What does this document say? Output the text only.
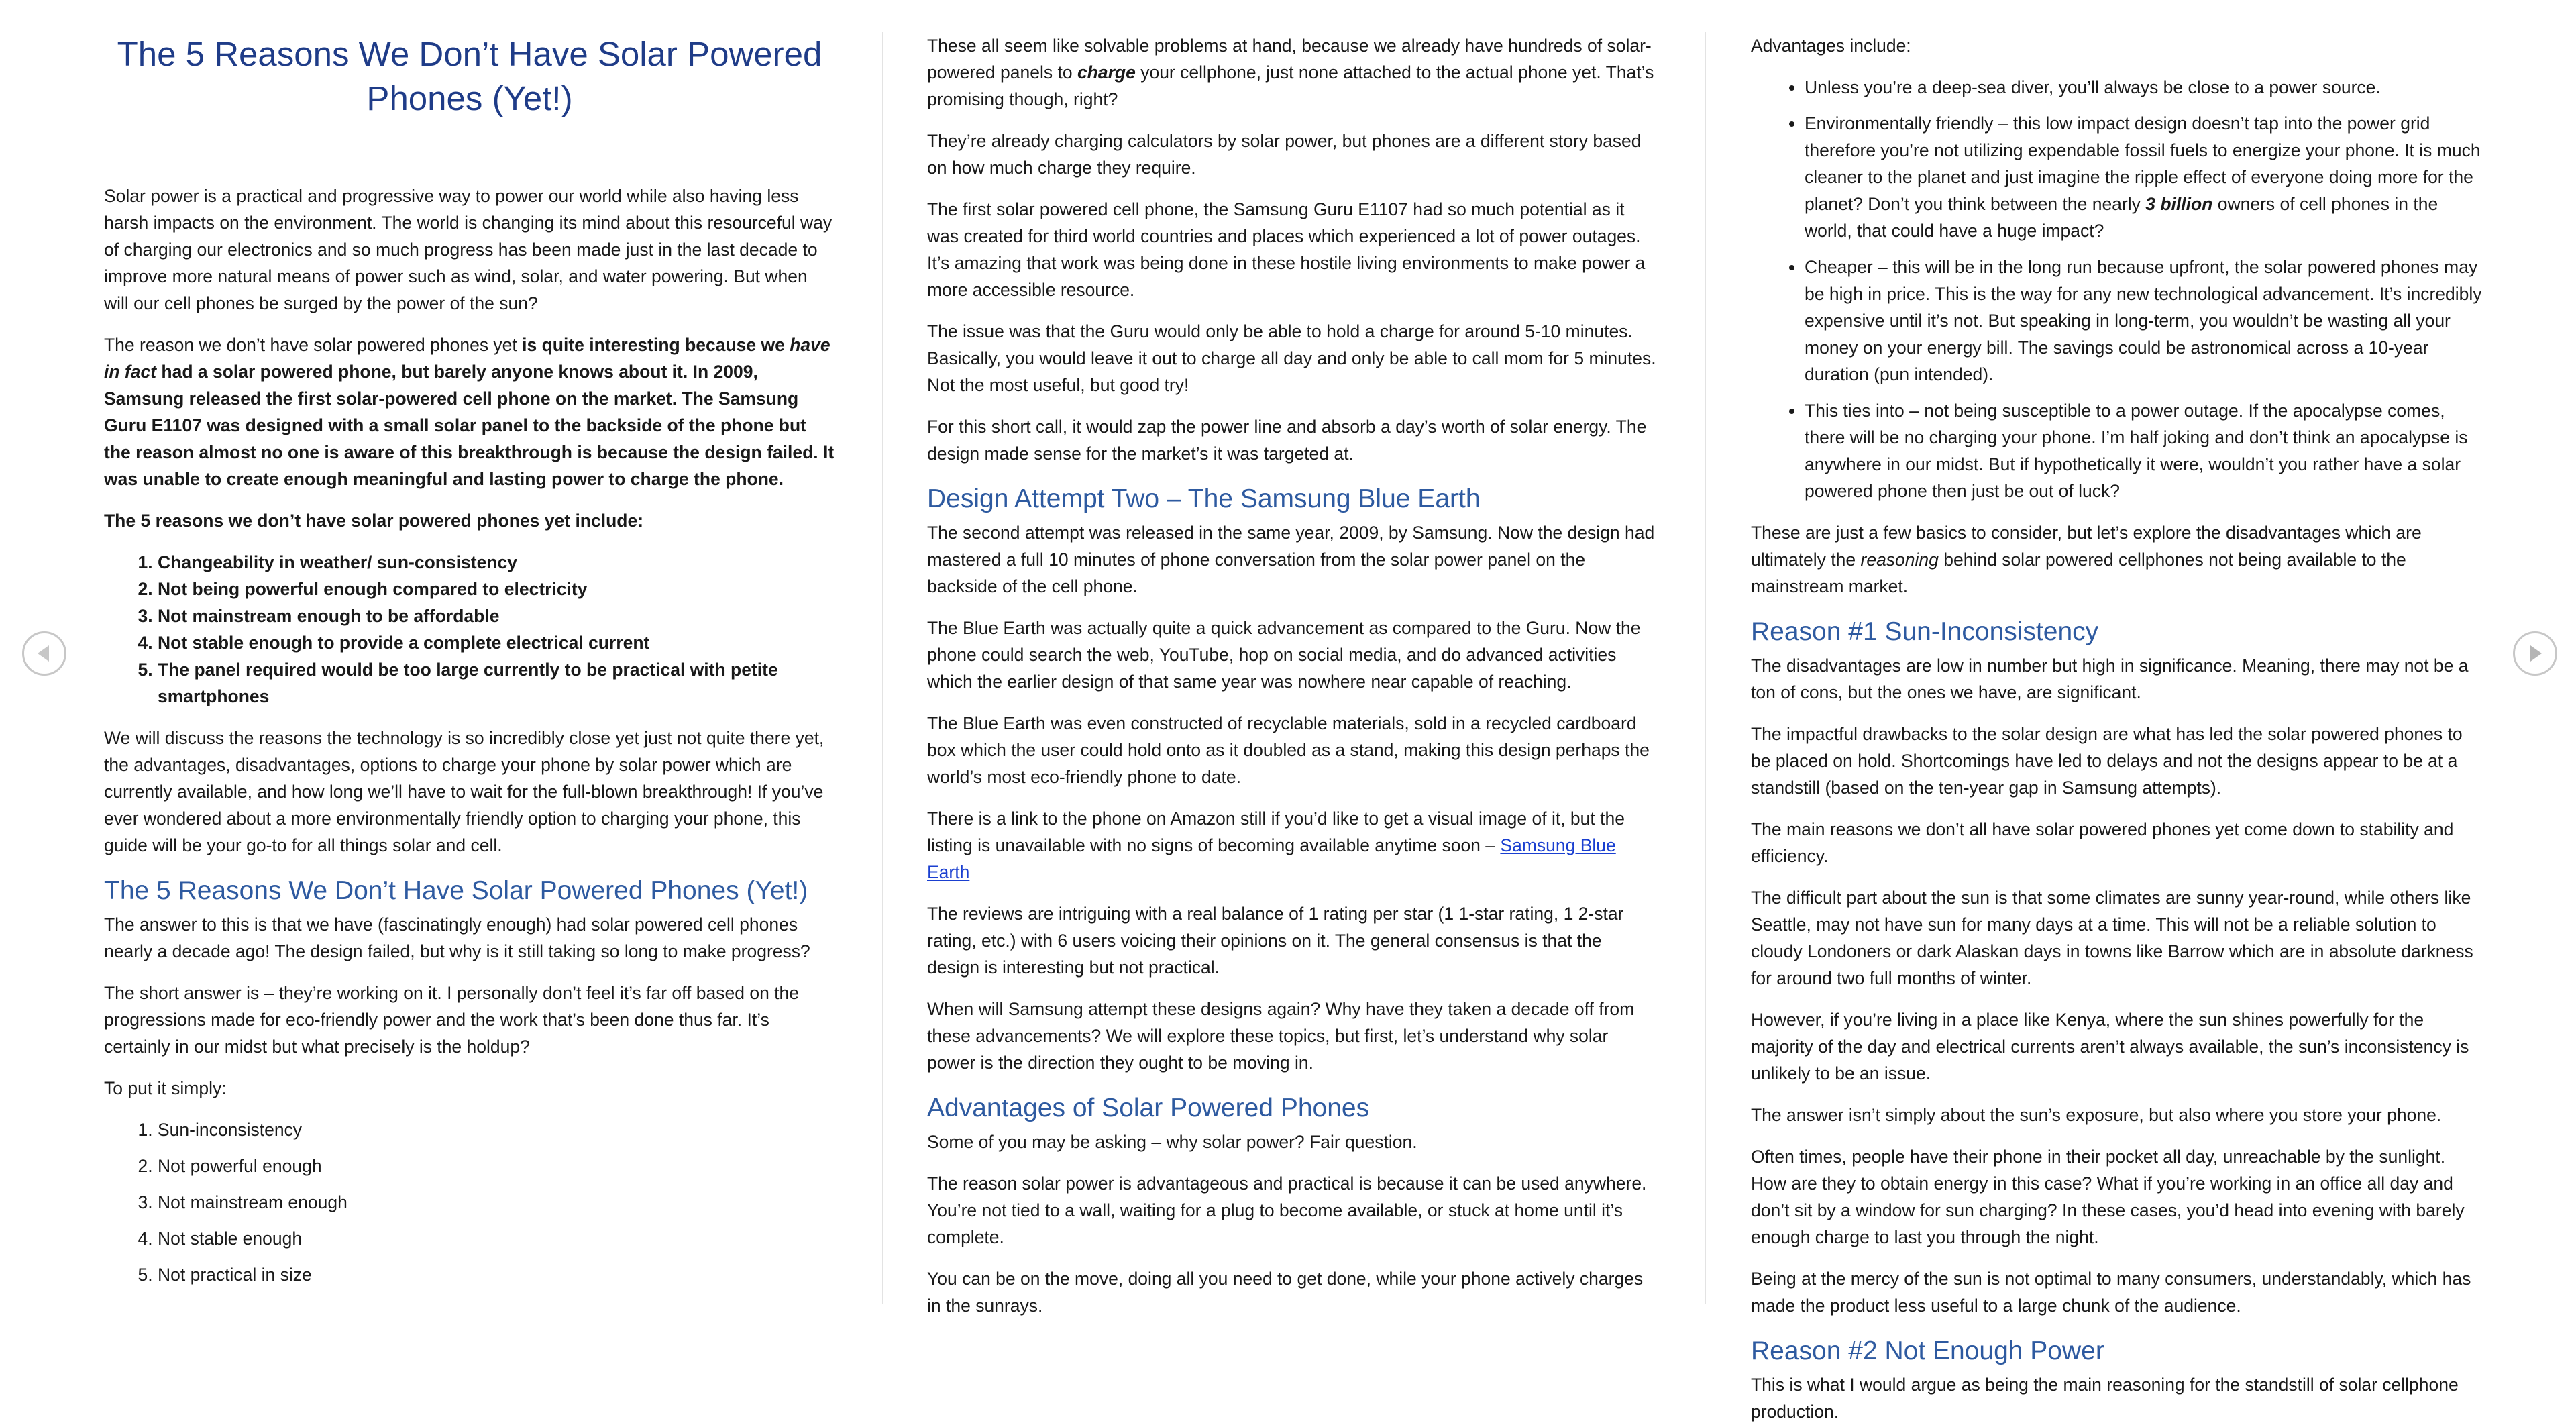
The 5 Reasons We Don’t Have Solar Powered Phones (Yet!)

Solar power is a practical and progressive way to power our world while also having less harsh impacts on the environment. The world is changing its mind about this resourceful way of charging our electronics and so much progress has been made just in the last decade to improve more natural means of power such as wind, solar, and water powering. But when will our cell phones be surged by the power of the sun?

The reason we don’t have solar powered phones yet is quite interesting because we have in fact had a solar powered phone, but barely anyone knows about it. In 2009, Samsung released the first solar-powered cell phone on the market. The Samsung Guru E1107 was designed with a small solar panel to the backside of the phone but the reason almost no one is aware of this breakthrough is because the design failed. It was unable to create enough meaningful and lasting power to charge the phone.

The 5 reasons we don’t have solar powered phones yet include:

1. Changeability in weather/ sun-consistency
2. Not being powerful enough compared to electricity
3. Not mainstream enough to be affordable
4. Not stable enough to provide a complete electrical current
5. The panel required would be too large currently to be practical with petite smartphones

We will discuss the reasons the technology is so incredibly close yet just not quite there yet, the advantages, disadvantages, options to charge your phone by solar power which are currently available, and how long we’ll have to wait for the full-blown breakthrough! If you’ve ever wondered about a more environmentally friendly option to charging your phone, this guide will be your go-to for all things solar and cell.

The 5 Reasons We Don’t Have Solar Powered Phones (Yet!)

The answer to this is that we have (fascinatingly enough) had solar powered cell phones nearly a decade ago! The design failed, but why is it still taking so long to make progress?

The short answer is – they’re working on it. I personally don’t feel it’s far off based on the progressions made for eco-friendly power and the work that’s been done thus far. It’s certainly in our midst but what precisely is the holdup?

To put it simply:

1. Sun-inconsistency
2. Not powerful enough
3. Not mainstream enough
4. Not stable enough
5. Not practical in size

These all seem like solvable problems at hand, because we already have hundreds of solar-powered panels to charge your cellphone, just none attached to the actual phone yet. That’s promising though, right?

They’re already charging calculators by solar power, but phones are a different story based on how much charge they require.

The first solar powered cell phone, the Samsung Guru E1107 had so much potential as it was created for third world countries and places which experienced a lot of power outages. It’s amazing that work was being done in these hostile living environments to make power a more accessible resource.

The issue was that the Guru would only be able to hold a charge for around 5-10 minutes. Basically, you would leave it out to charge all day and only be able to call mom for 5 minutes. Not the most useful, but good try!

For this short call, it would zap the power line and absorb a day’s worth of solar energy. The design made sense for the market’s it was targeted at.

Design Attempt Two – The Samsung Blue Earth

The second attempt was released in the same year, 2009, by Samsung. Now the design had mastered a full 10 minutes of phone conversation from the solar power panel on the backside of the cell phone.

The Blue Earth was actually quite a quick advancement as compared to the Guru. Now the phone could search the web, YouTube, hop on social media, and do advanced activities which the earlier design of that same year was nowhere near capable of reaching.

The Blue Earth was even constructed of recyclable materials, sold in a recycled cardboard box which the user could hold onto as it doubled as a stand, making this design perhaps the world’s most eco-friendly phone to date.

There is a link to the phone on Amazon still if you’d like to get a visual image of it, but the listing is unavailable with no signs of becoming available anytime soon – Samsung Blue Earth

The reviews are intriguing with a real balance of 1 rating per star (1 1-star rating, 1 2-star rating, etc.) with 6 users voicing their opinions on it. The general consensus is that the design is interesting but not practical.

When will Samsung attempt these designs again? Why have they taken a decade off from these advancements? We will explore these topics, but first, let’s understand why solar power is the direction they ought to be moving in.

Advantages of Solar Powered Phones

Some of you may be asking – why solar power? Fair question.

The reason solar power is advantageous and practical is because it can be used anywhere. You’re not tied to a wall, waiting for a plug to become available, or stuck at home until it’s complete.

You can be on the move, doing all you need to get done, while your phone actively charges in the sunrays.

Advantages include:

• Unless you’re a deep-sea diver, you’ll always be close to a power source.
• Environmentally friendly – this low impact design doesn’t tap into the power grid therefore you’re not utilizing expendable fossil fuels to energize your phone. It is much cleaner to the planet and just imagine the ripple effect of everyone doing more for the planet? Don’t you think between the nearly 3 billion owners of cell phones in the world, that could have a huge impact?
• Cheaper – this will be in the long run because upfront, the solar powered phones may be high in price. This is the way for any new technological advancement. It’s incredibly expensive until it’s not. But speaking in long-term, you wouldn’t be wasting all your money on your energy bill. The savings could be astronomical across a 10-year duration (pun intended).
• This ties into – not being susceptible to a power outage. If the apocalypse comes, there will be no charging your phone. I’m half joking and don’t think an apocalypse is anywhere in our midst. But if hypothetically it were, wouldn’t you rather have a solar powered phone then just be out of luck?

These are just a few basics to consider, but let’s explore the disadvantages which are ultimately the reasoning behind solar powered cellphones not being available to the mainstream market.

Reason #1 Sun-Inconsistency

The disadvantages are low in number but high in significance. Meaning, there may not be a ton of cons, but the ones we have, are significant.

The impactful drawbacks to the solar design are what has led the solar powered phones to be placed on hold. Shortcomings have led to delays and not the designs appear to be at a standstill (based on the ten-year gap in Samsung attempts).

The main reasons we don’t all have solar powered phones yet come down to stability and efficiency.

The difficult part about the sun is that some climates are sunny year-round, while others like Seattle, may not have sun for many days at a time. This will not be a reliable solution to cloudy Londoners or dark Alaskan days in towns like Barrow which are in absolute darkness for around two full months of winter.

However, if you’re living in a place like Kenya, where the sun shines powerfully for the majority of the day and electrical currents aren’t always available, the sun’s inconsistency is unlikely to be an issue.

The answer isn’t simply about the sun’s exposure, but also where you store your phone.

Often times, people have their phone in their pocket all day, unreachable by the sunlight. How are they to obtain energy in this case? What if you’re working in an office all day and don’t sit by a window for sun charging? In these cases, you’d head into evening with barely enough charge to last you through the night.

Being at the mercy of the sun is not optimal to many consumers, understandably, which has made the product less useful to a large chunk of the audience.

Reason #2 Not Enough Power

This is what I would argue as being the main reasoning for the standstill of solar cellphone production.
